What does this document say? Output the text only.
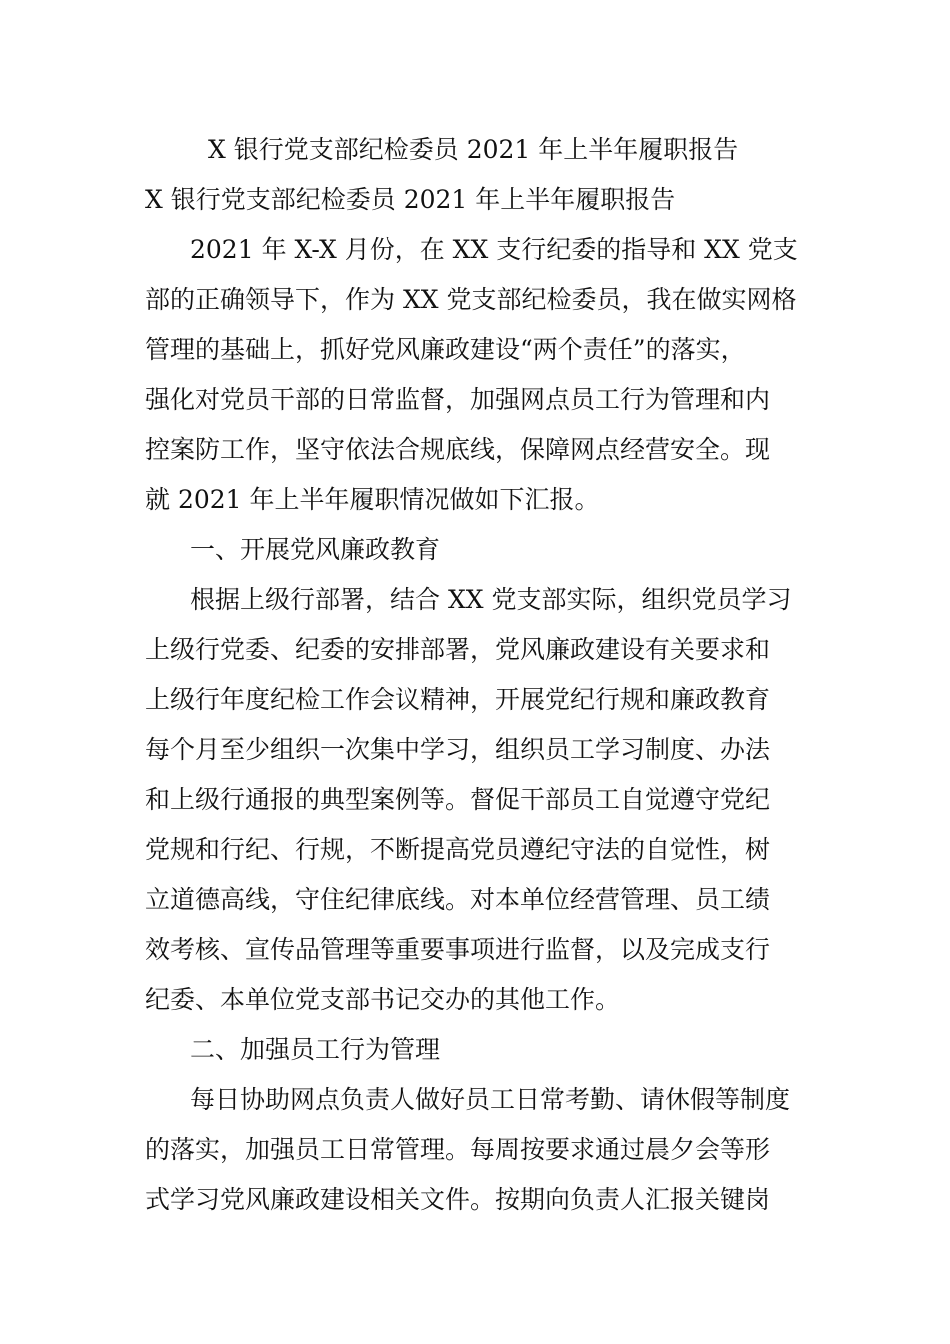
X 银行党支部纪检委员 2021 年上半年履职报告
X 银行党支部纪检委员 2021 年上半年履职报告
2021 年 X-X 月份，在 XX 支行纪委的指导和 XX 党支
部的正确领导下，作为 XX 党支部纪检委员，我在做实网格
管理的基础上，抓好党风廉政建设“两个责任”的落实，
强化对党员干部的日常监督，加强网点员工行为管理和内
控案防工作，坚守依法合规底线，保障网点经营安全。现
就 2021 年上半年履职情况做如下汇报。
一、开展党风廉政教育
根据上级行部署，结合 XX 党支部实际，组织党员学习
上级行党委、纪委的安排部署，党风廉政建设有关要求和
上级行年度纪检工作会议精神，开展党纪行规和廉政教育
每个月至少组织一次集中学习，组织员工学习制度、办法
和上级行通报的典型案例等。督促干部员工自觉遵守党纪
党规和行纪、行规，不断提高党员遵纪守法的自觉性，树
立道德高线，守住纪律底线。对本单位经营管理、员工绩
效考核、宣传品管理等重要事项进行监督，以及完成支行
纪委、本单位党支部书记交办的其他工作。
二、加强员工行为管理
每日协助网点负责人做好员工日常考勤、请休假等制度
的落实，加强员工日常管理。每周按要求通过晨夕会等形
式学习党风廉政建设相关文件。按期向负责人汇报关键岗
